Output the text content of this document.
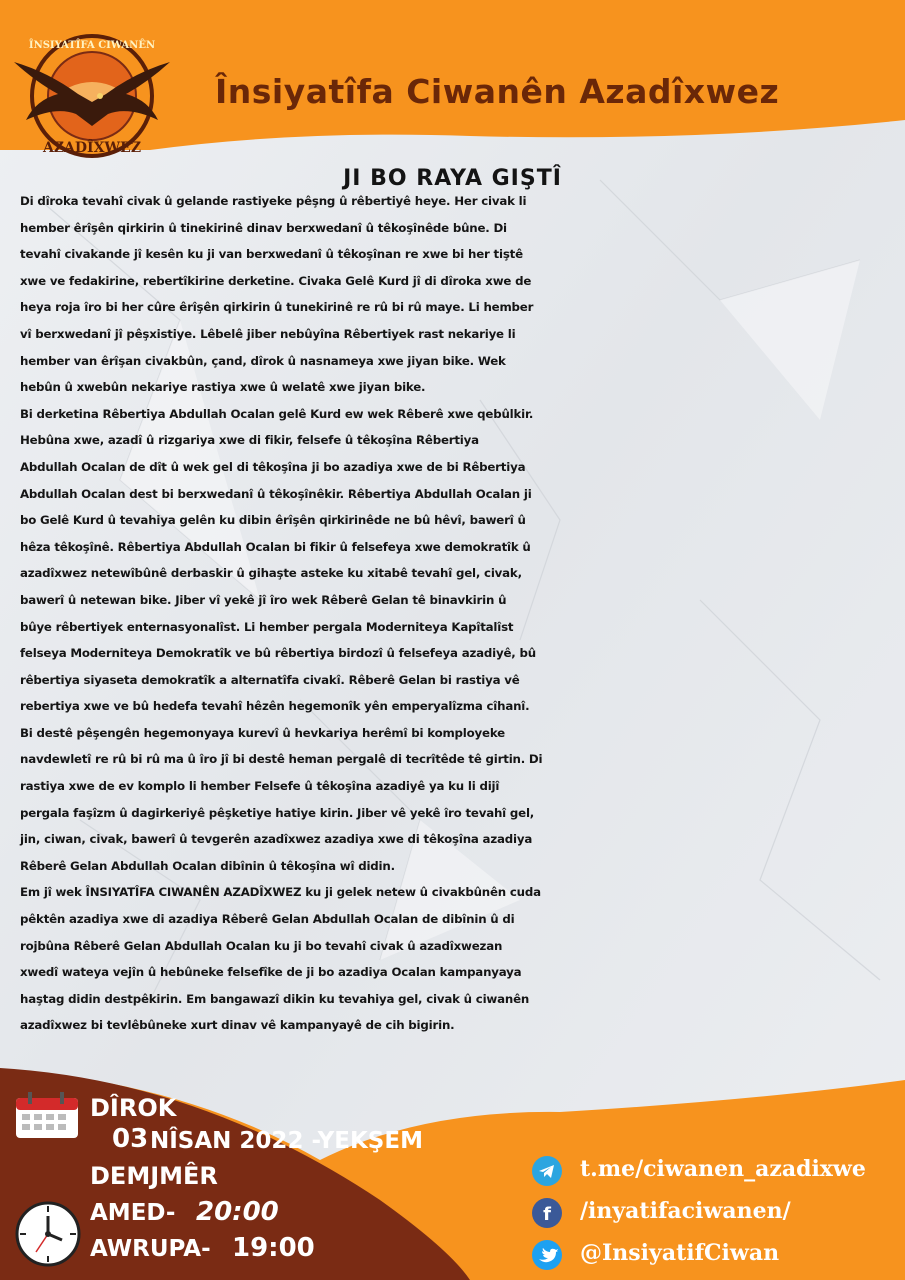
ÎNSIYATÎFA CIWANÊN
AZADÎXWEZ
Însiyatîfa Ciwanên Azadîxwez
JI BO RAYA GIŞTÎ

Di dîroka tevahî civak û gelande rastiyeke pêşng û rêbertiyê heye. Her civak li

hember êrîşên qirkirin û tinekirinê dinav berxwedanî û têkoşînêde bûne. Di

tevahî civakande jî kesên ku ji van berxwedanî û têkoşînan re xwe bi her tiştê

xwe ve fedakirine, rebertîkirine derketine. Civaka Gelê Kurd jî di dîroka xwe de

heya roja îro bi her cûre êrîşên qirkirin û tunekirinê re rû bi rû maye. Li hember

vî berxwedanî jî pêşxistiye. Lêbelê jiber nebûyîna Rêbertiyek rast nekariye li

hember van êrîşan civakbûn, çand, dîrok û nasnameya xwe jiyan bike. Wek

hebûn û xwebûn nekariye rastiya xwe û welatê xwe jiyan bike.

Bi derketina Rêbertiya Abdullah Ocalan gelê Kurd ew wek Rêberê xwe qebûlkir.

Hebûna xwe, azadî û rizgariya xwe di fikir, felsefe û têkoşîna Rêbertiya

Abdullah Ocalan de dît û wek gel di têkoşîna ji bo azadiya xwe de bi Rêbertiya

Abdullah Ocalan dest bi berxwedanî û têkoşînêkir. Rêbertiya Abdullah Ocalan ji

bo Gelê Kurd û tevahiya gelên ku dibin êrîşên qirkirinêde ne bû hêvî, bawerî û

hêza têkoşînê. Rêbertiya Abdullah Ocalan bi fikir û felsefeya xwe demokratîk û

azadîxwez netewîbûnê derbaskir û gihaşte asteke ku xitabê tevahî gel, civak,

bawerî û netewan bike. Jiber vî yekê jî îro wek Rêberê Gelan tê binavkirin û

bûye rêbertiyek enternasyonalîst. Li hember pergala Moderniteya Kapîtalîst

felseya Moderniteya Demokratîk ve bû rêbertiya birdozî û felsefeya azadiyê, bû

rêbertiya siyaseta demokratîk a alternatîfa civakî. Rêberê Gelan bi rastiya vê

rebertiya xwe ve bû hedefa tevahî hêzên hegemonîk yên emperyalîzma cîhanî.

Bi destê pêşengên hegemonyaya kurevî û hevkariya herêmî bi komployeke

navdewletî re rû bi rû ma û îro jî bi destê heman pergalê di tecrîtêde tê girtin. Di

rastiya xwe de ev komplo li hember Felsefe û têkoşîna azadiyê ya ku li dijî

pergala faşîzm û dagirkeriyê pêşketiye hatiye kirin. Jiber vê yekê îro tevahî gel,

jin, ciwan, civak, bawerî û tevgerên azadîxwez azadiya xwe di têkoşîna azadiya

Rêberê Gelan Abdullah Ocalan dibînin û têkoşîna wî didin.

Em jî wek ÎNSIYATÎFA CIWANÊN AZADÎXWEZ ku ji gelek netew û civakbûnên cuda

pêktên azadiya xwe di azadiya Rêberê Gelan Abdullah Ocalan de dibînin û di

rojbûna Rêberê Gelan Abdullah Ocalan ku ji bo tevahî civak û azadîxwezan

xwedî wateya vejîn û hebûneke felsefîke de ji bo azadiya Ocalan kampanyaya

haştag didin destpêkirin. Em bangawazî dikin ku tevahiya gel, civak û ciwanên

azadîxwez bi tevlêbûneke xurt dinav vê kampanyayê de cih bigirin.

DÎROK
03 NÎSAN 2022 -YEKŞEM
DEMJMÊR
AMED- 20:00
AWRUPA- 19:00
t.me/ciwanen_azadixwe
f /inyatifaciwanen/
@InsiyatifCiwan
